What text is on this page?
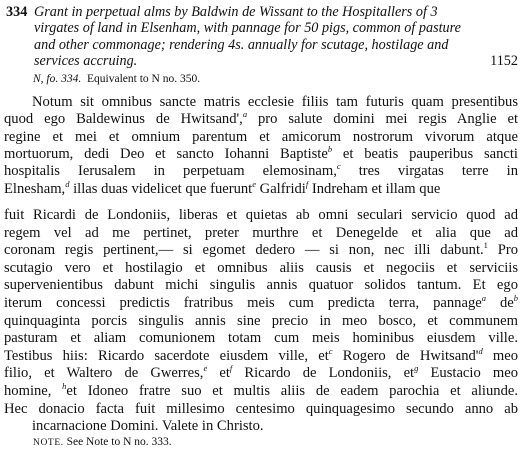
334 Grant in perpetual alms by Baldwin de Wissant to the Hospitallers of 3
virgates of land in Elsenham, with pannage for 50 pigs, common of pasture
and other commonage; rendering 4s. annually for scutage, hostilage and
services accruing.	1152
N, fo. 334. Equivalent to N no. 350.
Notum sit omnibus sancte matris ecclesie filiis tam futuris quam presentibus
quod ego Baldewinus de Hwitsand',$^a$ pro salute domini mei regis Anglie et
regine et mei et omnium parentum et amicorum nostrorum vivorum atque
mortuorum, dedi Deo et sancto Iohanni Baptiste$^b$ et beatis pauperibus sancti
hospitalis Ierusalem in perpetuam elemosinam,$^c$ tres virgatas terre in
Elnesham,$^d$ illas duas videlicet que fuerunt$^e$ Galfridi$^f$ Indreham et illam que
fuit Ricardi de Londoniis, liberas et quietas ab omni seculari servicio quod ad
regem vel ad me pertinet, preter murthre et Denegelde et alia que ad
coronam regis pertinent,— si egomet dedero — si non, nec illi dabunt.$^1$ Pro
scutagio vero et hostilagio et omnibus aliis causis et negociis et serviciis
supervenientibus dabunt michi singulis annis quatuor solidos tantum. Et ego
iterum concessi predictis fratribus meis cum predicta terra, pannage$^a$ $de^b$
quinquaginta porcis singulis annis sine precio in meo bosco, et communem
pasturam et aliam comunionem totam cum meis hominibus eiusdem ville.
Testibus hiis: Ricardo sacerdote eiusdem ville, $et^c$ Rogero de $Hwitsand'^d$ meo
filio, et Waltero de Gwerres,$^e$ $et^f$ Ricardo de Londoniis, $et^g$ Eustacio meo
homine, $^h$et Idoneo fratre suo et multis aliis de eadem parochia et aliunde.
Hec donacio facta fuit millesimo centesimo quinquagesimo secundo anno ab
incarnacione Domini. Valete in Christo.
NOTE. See Note to N no. 333.
